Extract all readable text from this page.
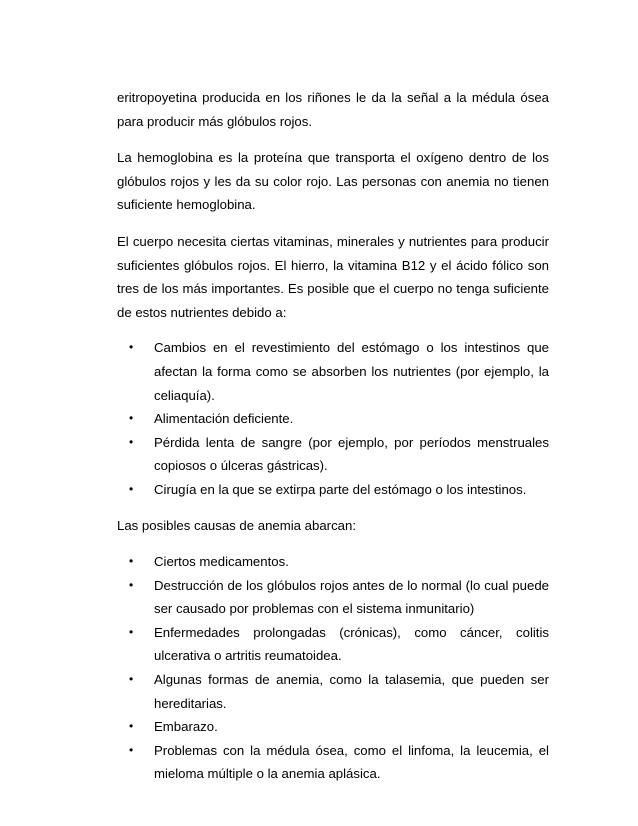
eritropoyetina producida en los riñones le da la señal a la médula ósea para producir más glóbulos rojos.

La hemoglobina es la proteína que transporta el oxígeno dentro de los glóbulos rojos y les da su color rojo. Las personas con anemia no tienen suficiente hemoglobina.

El cuerpo necesita ciertas vitaminas, minerales y nutrientes para producir suficientes glóbulos rojos. El hierro, la vitamina B12 y el ácido fólico son tres de los más importantes. Es posible que el cuerpo no tenga suficiente de estos nutrientes debido a:

• Cambios en el revestimiento del estómago o los intestinos que afectan la forma como se absorben los nutrientes (por ejemplo, la celiaquía).
• Alimentación deficiente.
• Pérdida lenta de sangre (por ejemplo, por períodos menstruales copiosos o úlceras gástricas).
• Cirugía en la que se extirpa parte del estómago o los intestinos.

Las posibles causas de anemia abarcan:

• Ciertos medicamentos.
• Destrucción de los glóbulos rojos antes de lo normal (lo cual puede ser causado por problemas con el sistema inmunitario)
• Enfermedades prolongadas (crónicas), como cáncer, colitis ulcerativa o artritis reumatoidea.
• Algunas formas de anemia, como la talasemia, que pueden ser hereditarias.
• Embarazo.
• Problemas con la médula ósea, como el linfoma, la leucemia, el mieloma múltiple o la anemia aplásica.
